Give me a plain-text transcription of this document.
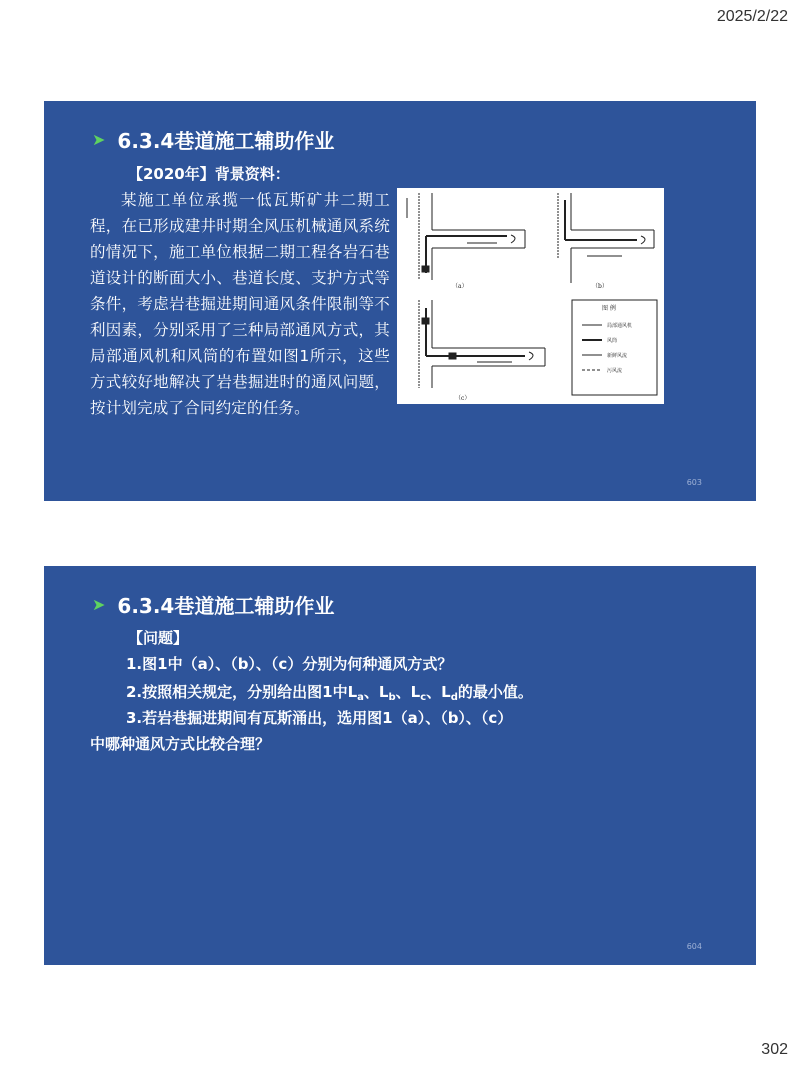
2025/2/22
➤ 6.3.4巷道施工辅助作业
【2020年】背景资料：
某施工单位承揽一低瓦斯矿井二期工程，在已形成建井时期全风压机械通风系统的情况下，施工单位根据二期工程各岩石巷道设计的断面大小、巷道长度、支护方式等条件，考虑岩巷掘进期间通风条件限制等不利因素，分别采用了三种局部通风方式，其局部通风机和风筒的布置如图1所示，这些方式较好地解决了岩巷掘进时的通风问题，按计划完成了合同约定的任务。
（a）	（b）
（c）
图 例
局部通风机
风筒
新鲜风流
污风流
603
➤ 6.3.4巷道施工辅助作业
【问题】
1.图1中（a）、（b）、（c）分别为何种通风方式？
2.按照相关规定，分别给出图1中$L_a$、$L_b$、$L_c$、$L_d$的最小值。
3.若岩巷掘进期间有瓦斯涌出，选用图1（a）、（b）、（c）
中哪种通风方式比较合理？
604
302
